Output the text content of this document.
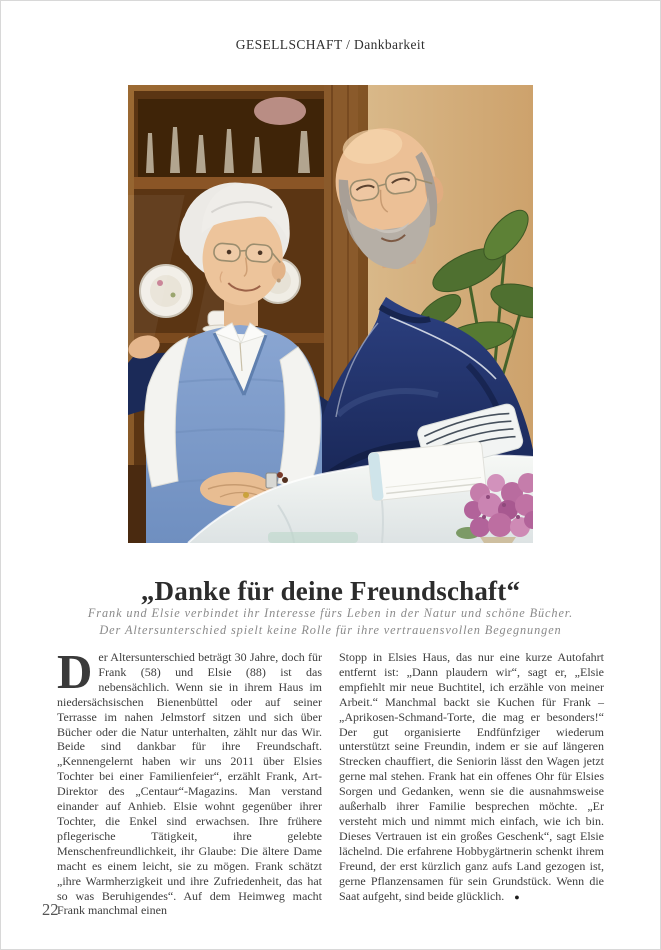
GESELLSCHAFT / Dankbarkeit
„Danke für deine Freundschaft“
Frank und Elsie verbindet ihr Interesse fürs Leben in der Natur und schöne Bücher.
Der Altersunterschied spielt keine Rolle für ihre vertrauensvollen Begegnungen

Der Altersunterschied beträgt 30 Jahre, doch für Frank (58) und Elsie (88) ist das nebensächlich. Wenn sie in ihrem Haus im niedersächsischen Bienenbüttel oder auf seiner Terrasse im nahen Jelmstorf sitzen und sich über Bücher oder die Natur unterhalten, zählt nur das Wir. Beide sind dankbar für ihre Freundschaft. „Kennengelernt haben wir uns 2011 über Elsies Tochter bei einer Familienfeier“, erzählt Frank, Art-Direktor des „Centaur“-Magazins. Man verstand einander auf Anhieb. Elsie wohnt gegenüber ihrer Tochter, die Enkel sind erwachsen. Ihre frühere pflegerische Tätigkeit, ihre gelebte Menschenfreundlichkeit, ihr Glaube: Die ältere Dame macht es einem leicht, sie zu mögen. Frank schätzt „ihre Warmherzigkeit und ihre Zufriedenheit, das hat so was Beruhigendes“. Auf dem Heimweg macht Frank manchmal einen

Stopp in Elsies Haus, das nur eine kurze Autofahrt entfernt ist: „Dann plaudern wir“, sagt er, „Elsie empfiehlt mir neue Buchtitel, ich erzähle von meiner Arbeit.“ Manchmal backt sie Kuchen für Frank – „Aprikosen-Schmand-Torte, die mag er besonders!“ Der gut organisierte Endfünfziger wiederum unterstützt seine Freundin, indem er sie auf längeren Strecken chauffiert, die Seniorin lässt den Wagen jetzt gerne mal stehen. Frank hat ein offenes Ohr für Elsies Sorgen und Gedanken, wenn sie die ausnahmsweise außerhalb ihrer Familie besprechen möchte. „Er versteht mich und nimmt mich einfach, wie ich bin. Dieses Vertrauen ist ein großes Geschenk“, sagt Elsie lächelnd. Die erfahrene Hobbygärtnerin schenkt ihrem Freund, der erst kürzlich ganz aufs Land gezogen ist, gerne Pflanzensamen für sein Grundstück. Wenn die Saat aufgeht, sind beide glücklich. ●

22
